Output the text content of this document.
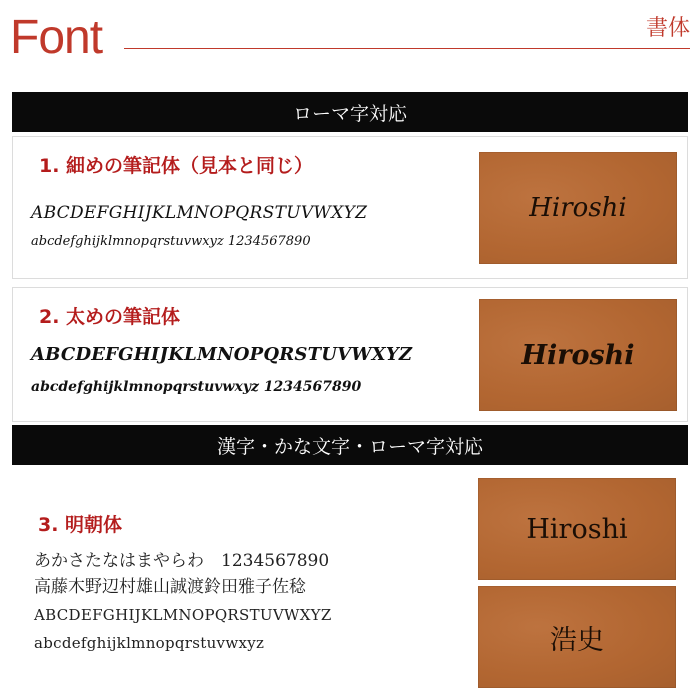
Font	書体
ローマ字対応
1. 細めの筆記体（見本と同じ）
ABCDEFGHIJKLMNOPQRSTUVWXYZ
abcdefghijklmnopqrstuvwxyz 1234567890
Hiroshi
2. 太めの筆記体
ABCDEFGHIJKLMNOPQRSTUVWXYZ
abcdefghijklmnopqrstuvwxyz 1234567890
Hiroshi
漢字・かな文字・ローマ字対応
3. 明朝体
あかさたなはまやらわ　1234567890
高藤木野辺村雄山誠渡鈴田雅子佐稔
ABCDEFGHIJKLMNOPQRSTUVWXYZ
abcdefghijklmnopqrstuvwxyz
Hiroshi
浩史
